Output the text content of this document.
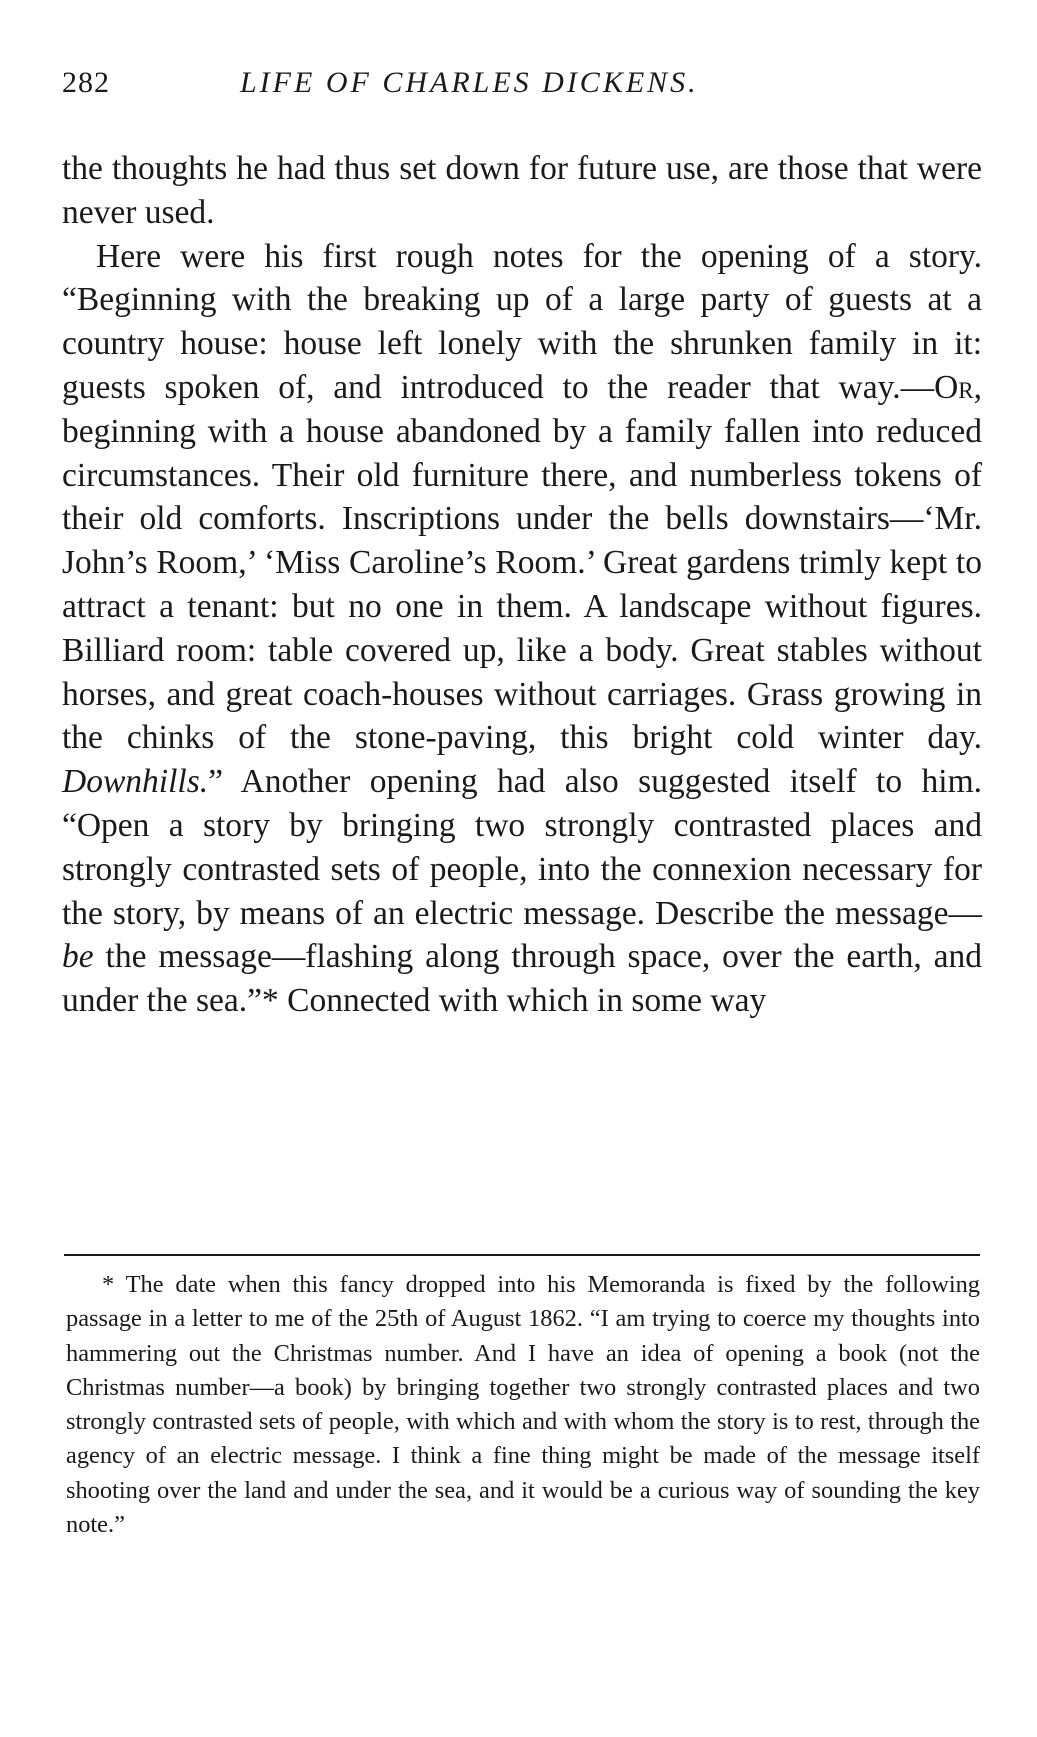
282	LIFE OF CHARLES DICKENS.

the thoughts he had thus set down for future use, are those that were never used.

Here were his first rough notes for the opening of a story. “Beginning with the breaking up of a large party of guests at a country house: house left lonely with the shrunken family in it: guests spoken of, and introduced to the reader that way.—Or, beginning with a house abandoned by a family fallen into reduced circumstances. Their old furniture there, and numberless tokens of their old comforts. Inscriptions under the bells downstairs—‘Mr. John’s Room,’ ‘Miss Caroline’s Room.’ Great gardens trimly kept to attract a tenant: but no one in them. A landscape without figures. Billiard room: table covered up, like a body. Great stables without horses, and great coach-houses without carriages. Grass growing in the chinks of the stone-paving, this bright cold winter day. Downhills.” Another opening had also suggested itself to him. “Open a story by bringing two strongly contrasted places and strongly contrasted sets of people, into the connexion necessary for the story, by means of an electric message. Describe the message—be the message—flashing along through space, over the earth, and under the sea.”* Connected with which in some way

* The date when this fancy dropped into his Memoranda is fixed by the following passage in a letter to me of the 25th of August 1862. “I am trying to coerce my thoughts into hammering out the Christmas number. And I have an idea of opening a book (not the Christmas number—a book) by bringing together two strongly contrasted places and two strongly contrasted sets of people, with which and with whom the story is to rest, through the agency of an electric message. I think a fine thing might be made of the message itself shooting over the land and under the sea, and it would be a curious way of sounding the key note.”
